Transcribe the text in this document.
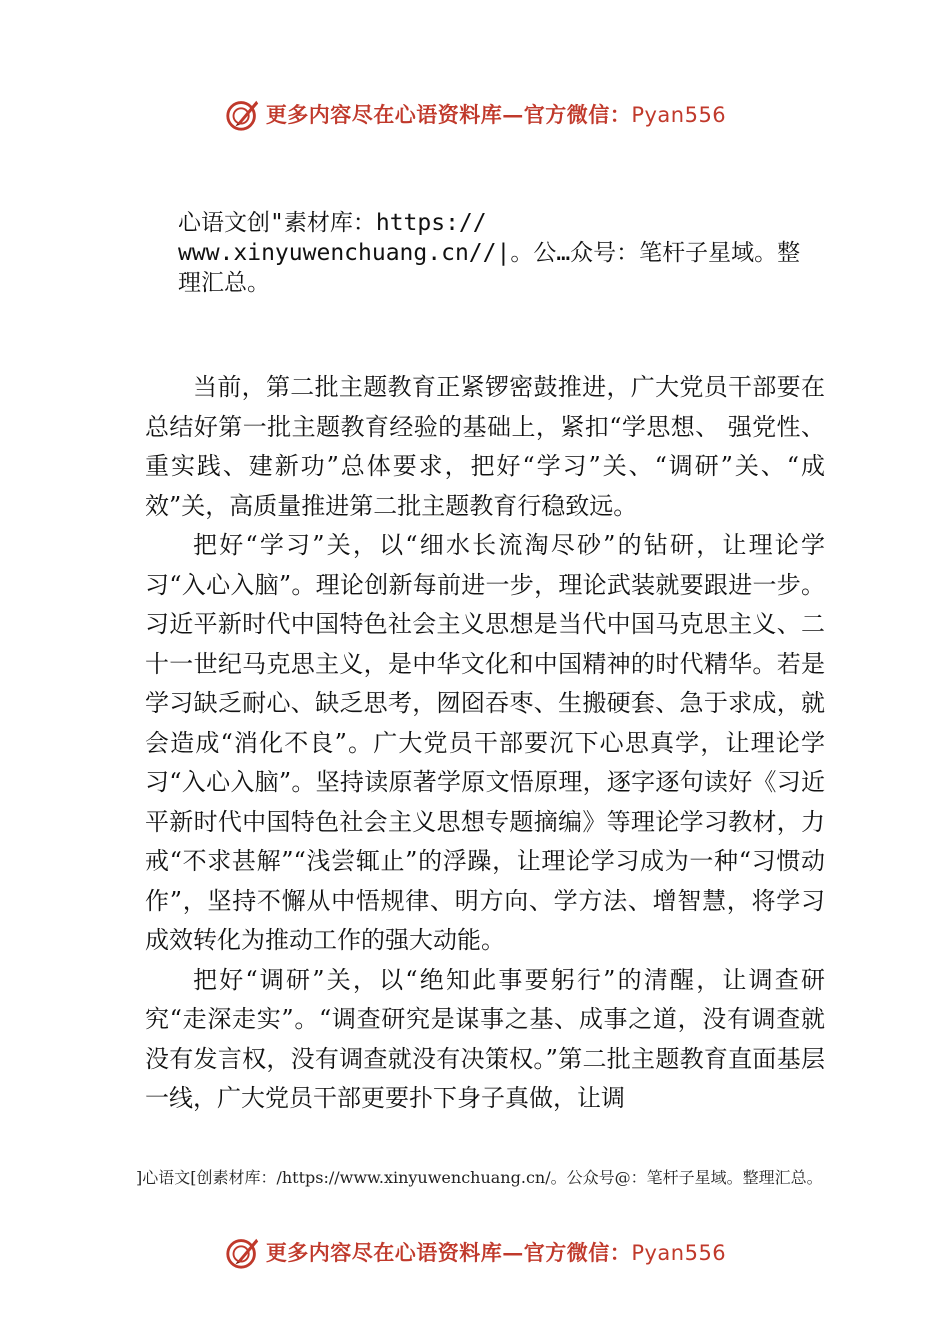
更多内容尽在心语资料库—官方微信：Pyan556
心语文创"素材库：https://
www.xinyuwenchuang.cn//|。公…众号：笔杆子星域。整
理汇总。

当前，第二批主题教育正紧锣密鼓推进，广大党员干部要在总结好第一批主题教育经验的基础上，紧扣“学思想、 强党性、重实践、建新功”总体要求，把好“学习”关、“调研”关、“成效”关，高质量推进第二批主题教育行稳致远。

把好“学习”关，以“细水长流淘尽砂”的钻研，让理论学习“入心入脑”。理论创新每前进一步，理论武装就要跟进一步。习近平新时代中国特色社会主义思想是当代中国马克思主义、二十一世纪马克思主义，是中华文化和中国精神的时代精华。若是学习缺乏耐心、缺乏思考，囫囵吞枣、生搬硬套、急于求成，就会造成“消化不良”。广大党员干部要沉下心思真学，让理论学习“入心入脑”。坚持读原著学原文悟原理，逐字逐句读好《习近平新时代中国特色社会主义思想专题摘编》等理论学习教材，力戒“不求甚解”“浅尝辄止”的浮躁，让理论学习成为一种“习惯动作”，坚持不懈从中悟规律、明方向、学方法、增智慧，将学习成效转化为推动工作的强大动能。

把好“调研”关，以“绝知此事要躬行”的清醒，让调查研究“走深走实”。“调查研究是谋事之基、成事之道，没有调查就没有发言权，没有调查就没有决策权。”第二批主题教育直面基层一线，广大党员干部更要扑下身子真做，让调

]心语文[创素材库：/https://www.xinyuwenchuang.cn/。公众号@：笔杆子星域。整理汇总。
更多内容尽在心语资料库—官方微信：Pyan556
